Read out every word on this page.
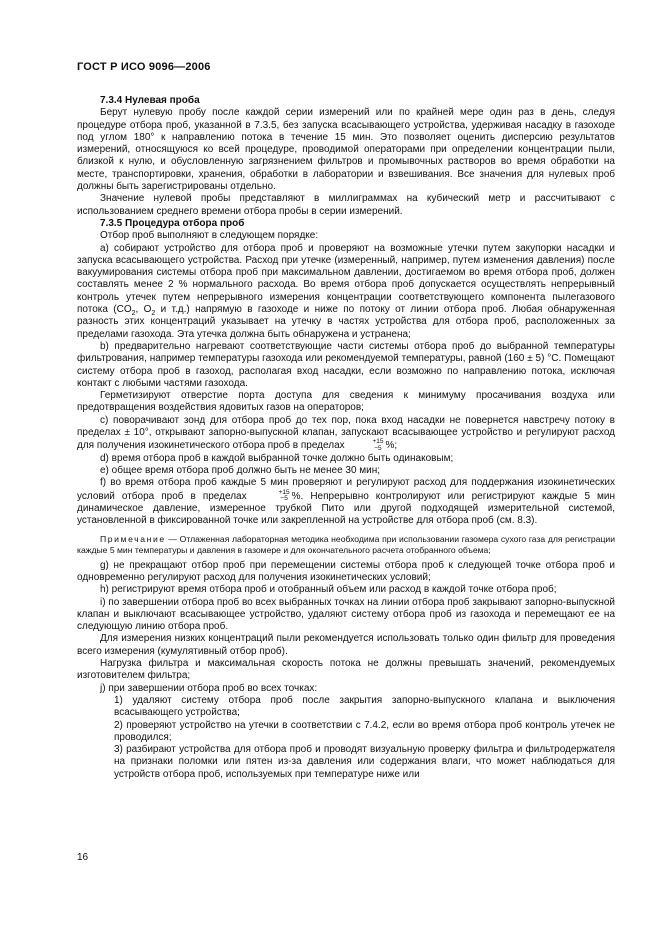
ГОСТ Р ИСО 9096—2006

7.3.4 Нулевая проба

Берут нулевую пробу после каждой серии измерений или по крайней мере один раз в день, следуя процедуре отбора проб, указанной в 7.3.5, без запуска всасывающего устройства, удерживая насадку в газоходе под углом 180° к направлению потока в течение 15 мин. Это позволяет оценить дисперсию результатов измерений, относящуюся ко всей процедуре, проводимой операторами при определении концентрации пыли, близкой к нулю, и обусловленную загрязнением фильтров и промывочных растворов во время обработки на месте, транспортировки, хранения, обработки в лаборатории и взвешивания. Все значения для нулевых проб должны быть зарегистрированы отдельно.

Значение нулевой пробы представляют в миллиграммах на кубический метр и рассчитывают с использованием среднего времени отбора пробы в серии измерений.

7.3.5 Процедура отбора проб

Отбор проб выполняют в следующем порядке:

а) собирают устройство для отбора проб и проверяют на возможные утечки путем закупорки насадки и запуска всасывающего устройства. Расход при утечке (измеренный, например, путем изменения давления) после вакуумирования системы отбора проб при максимальном давлении, достигаемом во время отбора проб, должен составлять менее 2 % нормального расхода. Во время отбора проб допускается осуществлять непрерывный контроль утечек путем непрерывного измерения концентрации соответствующего компонента пылегазового потока ($CO_2$, $O_2$ и т.д.) напрямую в газоходе и ниже по потоку от линии отбора проб. Любая обнаруженная разность этих концентраций указывает на утечку в частях устройства для отбора проб, расположенных за пределами газохода. Эта утечка должна быть обнаружена и устранена;

b) предварительно нагревают соответствующие части системы отбора проб до выбранной температуры фильтрования, например температуры газохода или рекомендуемой температуры, равной (160 ± 5) °С. Помещают систему отбора проб в газоход, располагая вход насадки, если возможно по направлению потока, исключая контакт с любыми частями газохода.

Герметизируют отверстие порта доступа для сведения к минимуму просачивания воздуха или предотвращения воздействия ядовитых газов на операторов;

с) поворачивают зонд для отбора проб до тех пор, пока вход насадки не повернется навстречу потоку в пределах ± 10°, открывают запорно-выпускной клапан, запускают всасывающее устройство и регулируют расход для получения изокинетического отбора проб в пределах	+15
−5 %;

d) время отбора проб в каждой выбранной точке должно быть одинаковым;

е) общее время отбора проб должно быть не менее 30 мин;

f) во время отбора проб каждые 5 мин проверяют и регулируют расход для поддержания изокинетических условий отбора проб в пределах	+15
−5 %. Непрерывно контролируют или регистрируют каждые 5 мин динамическое давление, измеренное трубкой Пито или другой подходящей измерительной системой, установленной в фиксированной точке или закрепленной на устройстве для отбора проб (см. 8.3).

Примечание — Отлаженная лабораторная методика необходима при использовании газомера сухого газа для регистрации каждые 5 мин температуры и давления в газомере и для окончательного расчета отобранного объема;

g) не прекращают отбор проб при перемещении системы отбора проб к следующей точке отбора проб и одновременно регулируют расход для получения изокинетических условий;

h) регистрируют время отбора проб и отобранный объем или расход в каждой точке отбора проб;

i) по завершении отбора проб во всех выбранных точках на линии отбора проб закрывают запорно-выпускной клапан и выключают всасывающее устройство, удаляют систему отбора проб из газохода и перемещают ее на следующую линию отбора проб.

Для измерения низких концентраций пыли рекомендуется использовать только один фильтр для проведения всего измерения (кумулятивный отбор проб).

Нагрузка фильтра и максимальная скорость потока не должны превышать значений, рекомендуемых изготовителем фильтра;

j) при завершении отбора проб во всех точках:

1) удаляют систему отбора проб после закрытия запорно-выпускного клапана и выключения всасывающего устройства;

2) проверяют устройство на утечки в соответствии с 7.4.2, если во время отбора проб контроль утечек не проводился;

3) разбирают устройства для отбора проб и проводят визуальную проверку фильтра и фильтродержателя на признаки поломки или пятен из-за давления или содержания влаги, что может наблюдаться для устройств отбора проб, используемых при температуре ниже или

16
